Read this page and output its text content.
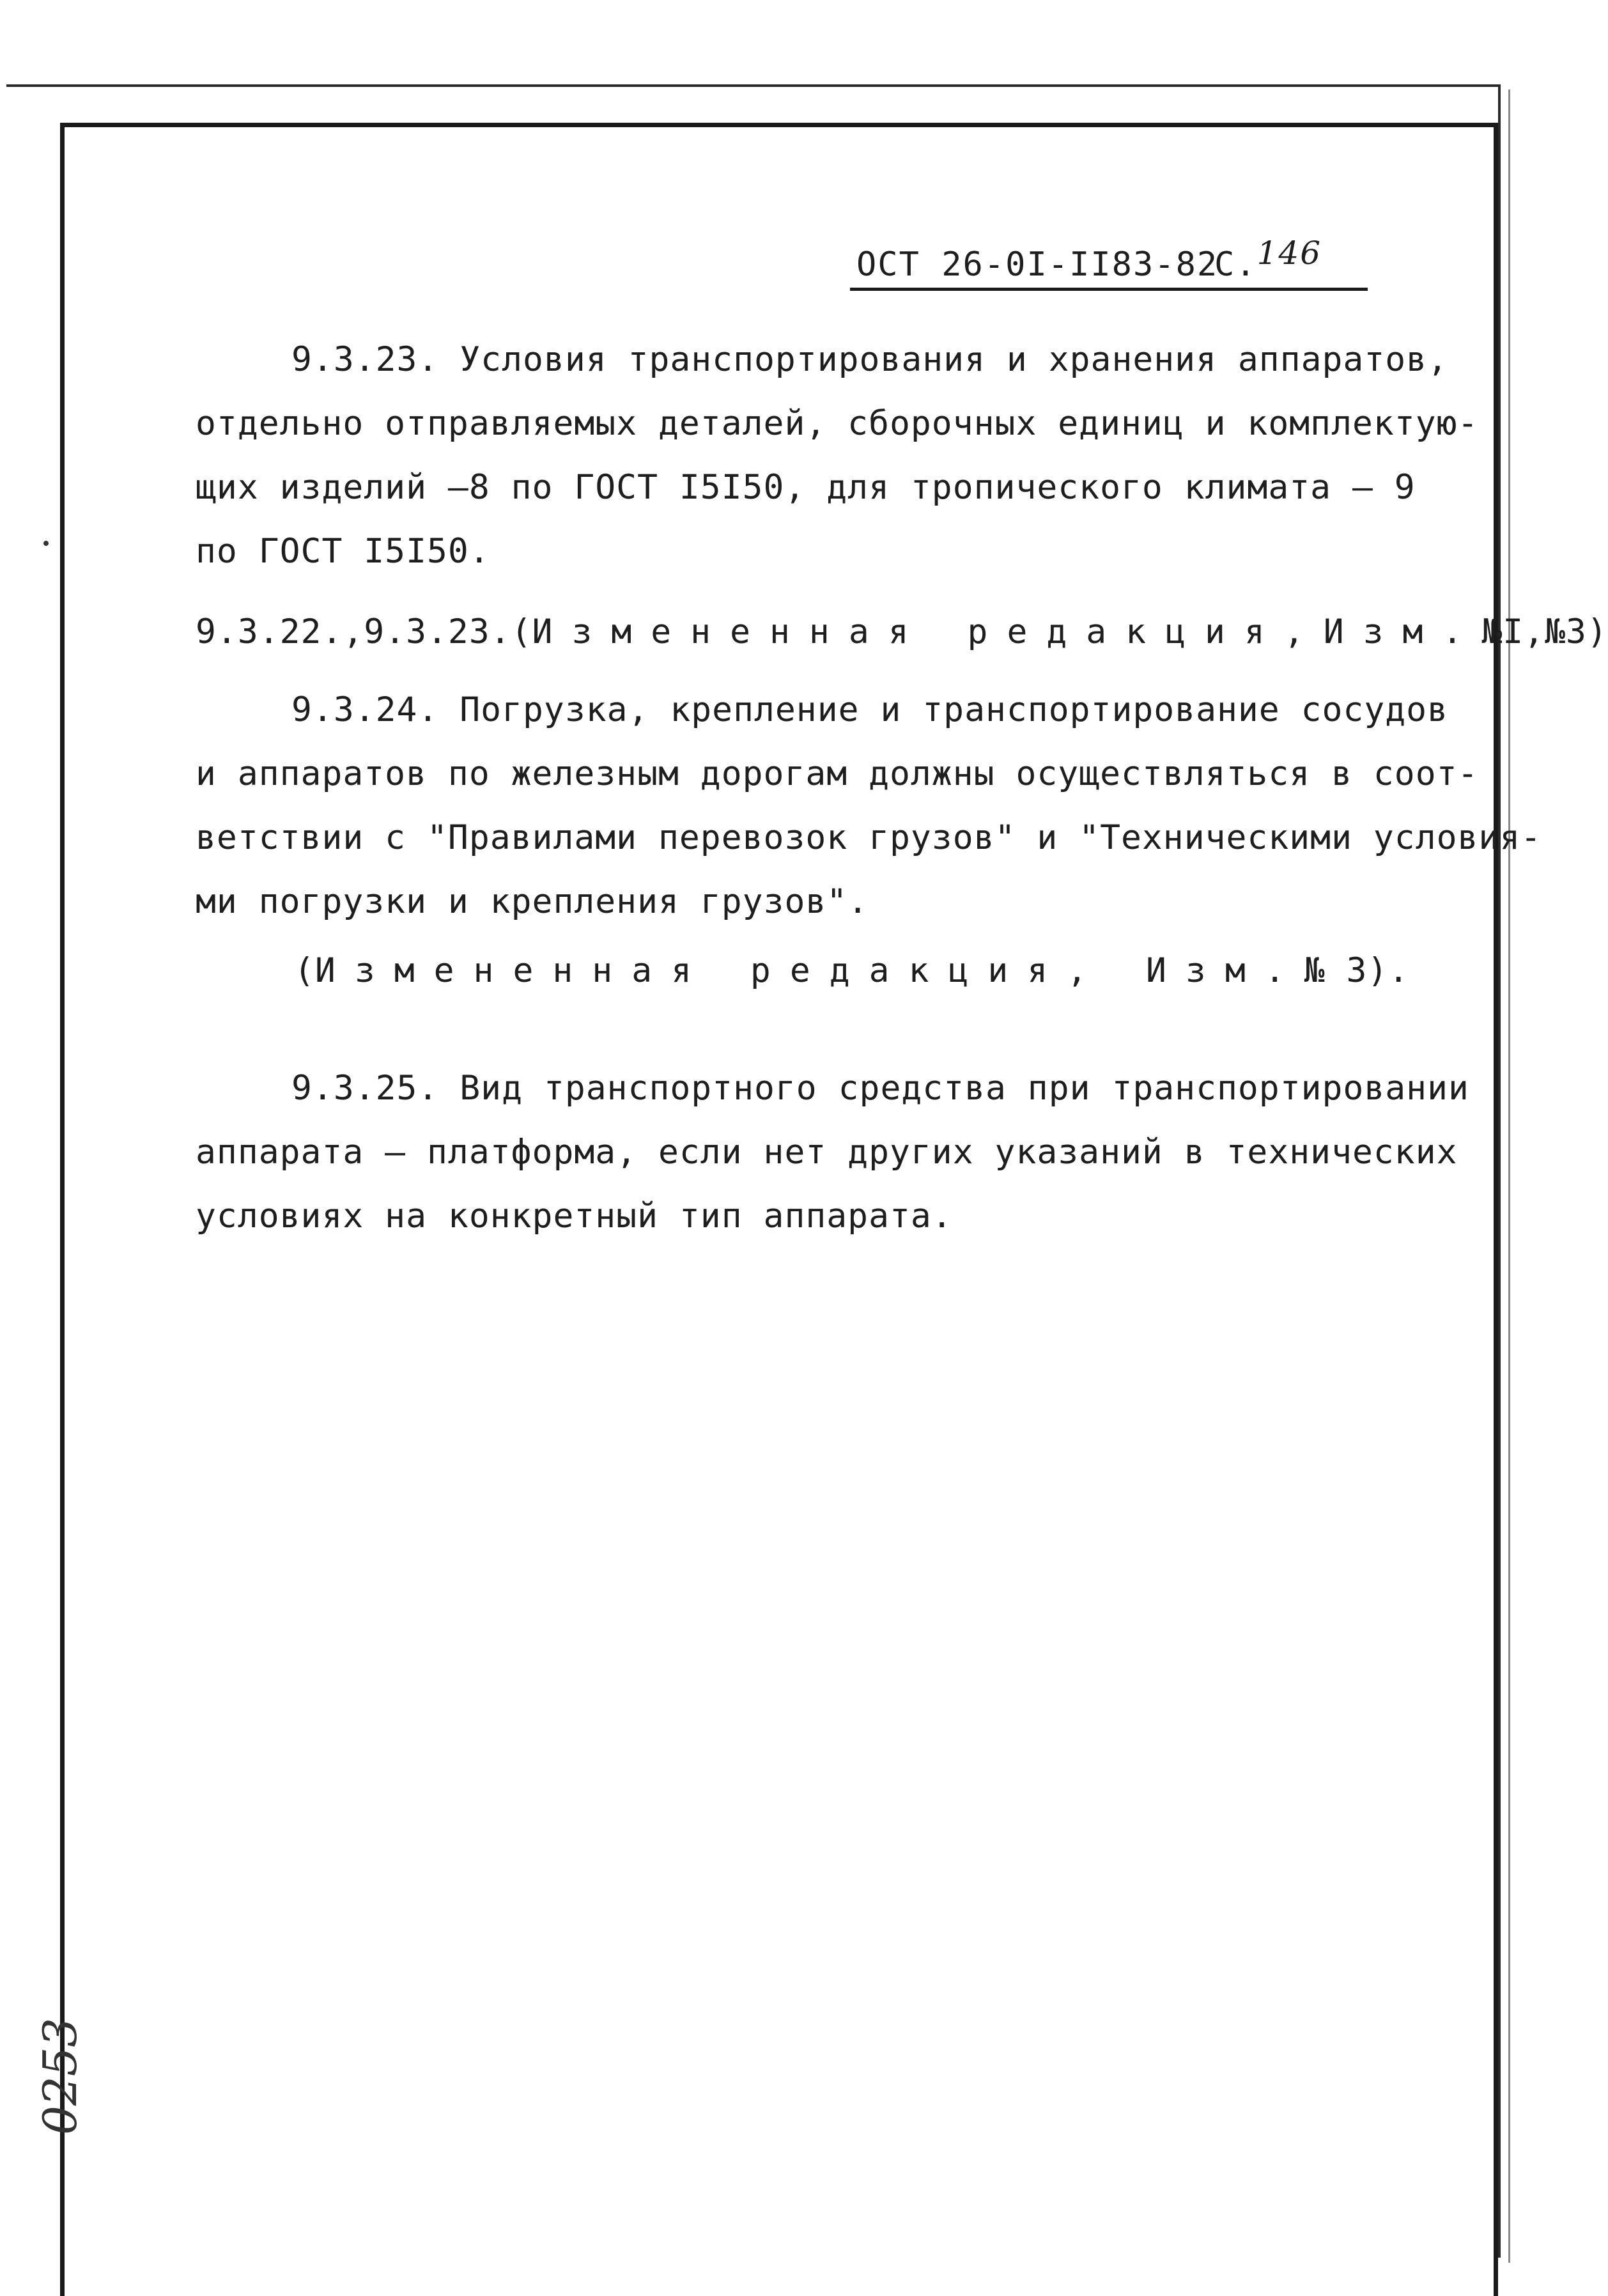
ОСТ 26-0I-II83-82
С.146
9.3.23. Условия транспортирования и хранения аппаратов,
отдельно отправляемых деталей, сборочных единиц и комплектую-
щих изделий –8 по ГОСТ I5I50, для тропического климата – 9
по ГОСТ I5I50.
9.3.22.,9.3.23.(Измененная редакция,Изм.№I,№3)
9.3.24. Погрузка, крепление и транспортирование сосудов
и аппаратов по железным дорогам должны осуществляться в соот-
ветствии с "Правилами перевозок грузов" и "Техническими условия-
ми погрузки и крепления грузов".
(Измененная редакция, Изм.№ 3).
9.3.25. Вид транспортного средства при транспортировании
аппарата – платформа, если нет других указаний в технических
условиях на конкретный тип аппарата.
0253
